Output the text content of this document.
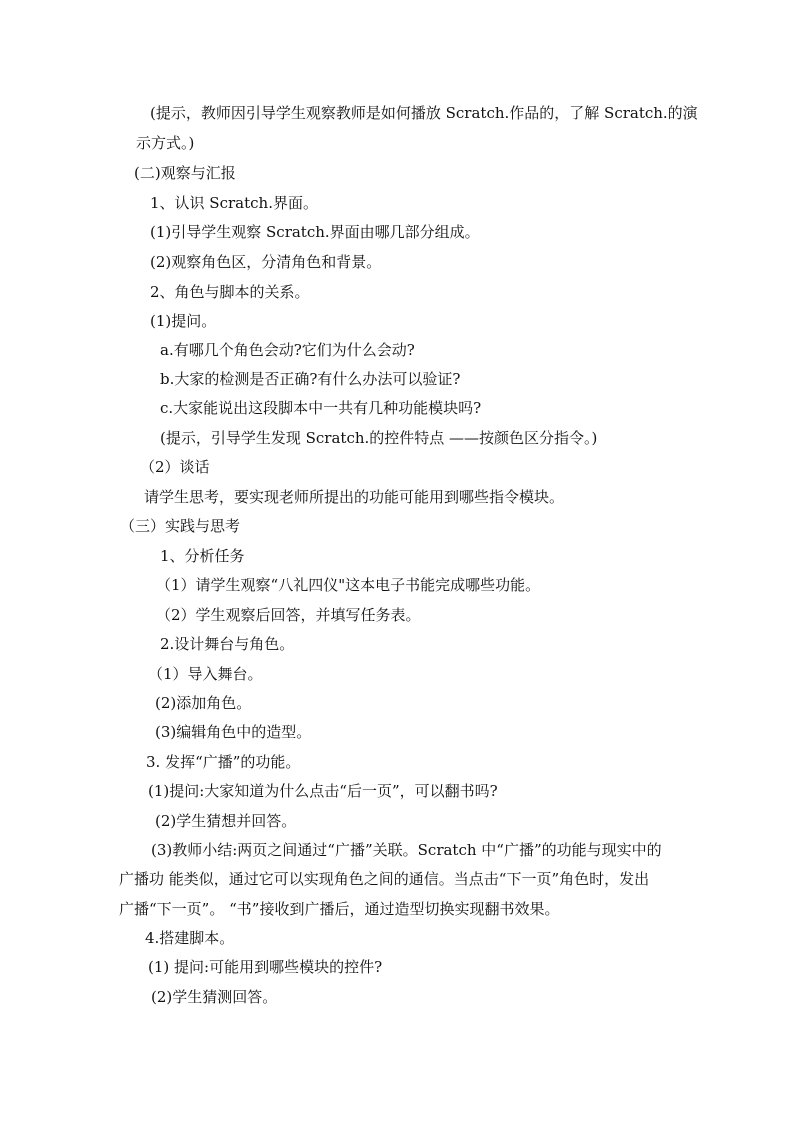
(提示，教师因引导学生观察教师是如何播放 Scratch.作品的，了解 Scratch.的演
示方式。)
(二)观察与汇报
1、认识 Scratch.界面。
(1)引导学生观察 Scratch.界面由哪几部分组成。
(2)观察角色区，分清角色和背景。
2、角色与脚本的关系。
(1)提问。
a.有哪几个角色会动?它们为什么会动?
b.大家的检测是否正确?有什么办法可以验证?
c.大家能说出这段脚本中一共有几种功能模块吗?
(提示，引导学生发现 Scratch.的控件特点 ——按颜色区分指令。)
（2）谈话
请学生思考，要实现老师所提出的功能可能用到哪些指令模块。
（三）实践与思考
1、分析任务
（1）请学生观察“八礼四仪"这本电子书能完成哪些功能。
（2）学生观察后回答，并填写任务表。
2.设计舞台与角色。
（1）导入舞台。
(2)添加角色。
(3)编辑角色中的造型。
3. 发挥“广播”的功能。
(1)提问:大家知道为什么点击“后一页”，可以翻书吗?
(2)学生猜想并回答。
(3)教师小结:两页之间通过“广播”关联。Scratch 中“广播”的功能与现实中的
广播功 能类似，通过它可以实现角色之间的通信。当点击“下一页”角色时，发出
广播“下一页”。 “书”接收到广播后，通过造型切换实现翻书效果。
4.搭建脚本。
(1) 提问:可能用到哪些模块的控件?
(2)学生猜测回答。
